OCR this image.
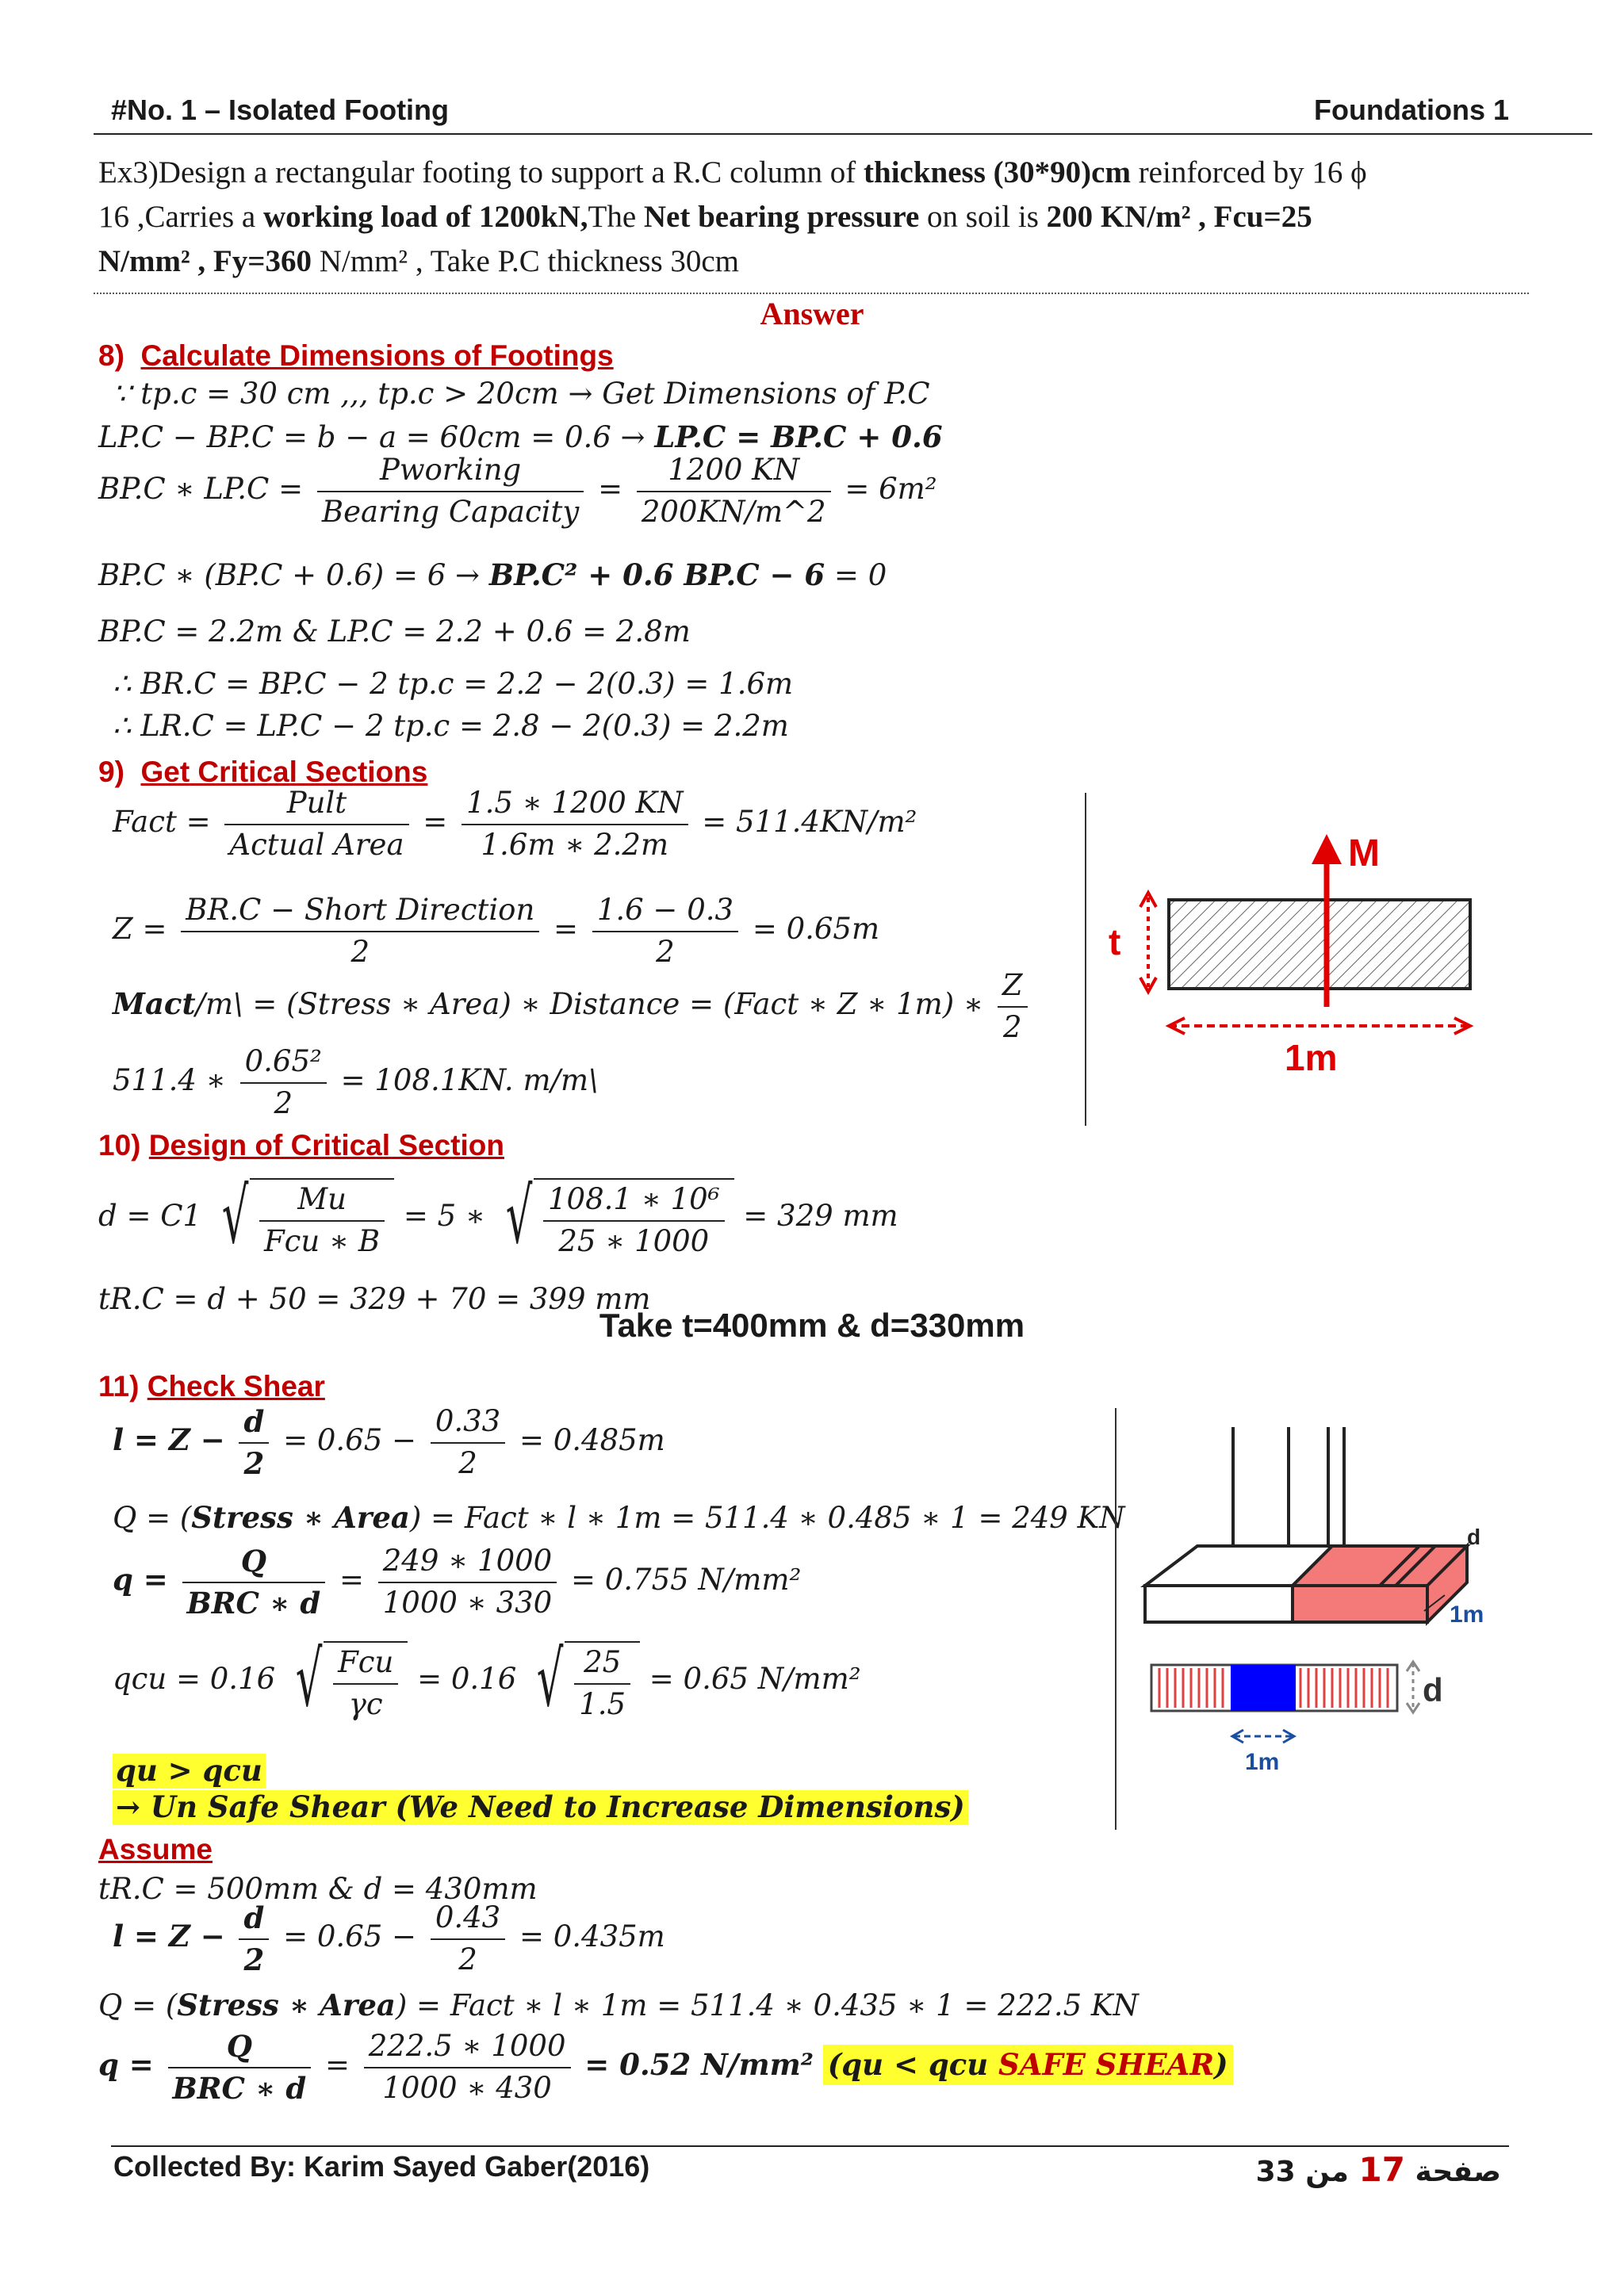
#No. 1 – Isolated Footing	Foundations 1
Ex3)Design a rectangular footing to support a R.C column of thickness (30*90)cm reinforced by 16 ϕ
16 ,Carries a working load of 1200kN,The Net bearing pressure on soil is 200 KN/m² , Fcu=25
N/mm² , Fy=360 N/mm² , Take P.C thickness 30cm
Answer
8) Calculate Dimensions of Footings
∵ tp.c = 30 cm ,,, tp.c > 20cm → Get Dimensions of P.C
LP.C − BP.C = b − a = 60cm = 0.6 → LP.C = BP.C + 0.6
BP.C ∗ $LP.C = \frac{\text{Pworking}}{\text{Bearing Capacity}} = \frac{1200 KN}{200KN/m\^{}2} = 6m^2$
BP.C ∗ (BP.C + 0.6) = 6 → BP.C² + 0.6 BP.C − 6 = 0
BP.C = 2.2m & LP.C = 2.2 + 0.6 = 2.8m
∴ BR.C = BP.C − 2 tp.c = 2.2 − 2(0.3) = 1.6m
∴ LR.C = LP.C − 2 tp.c = 2.8 − 2(0.3) = 2.2m
9) Get Critical Sections
Fact = $\frac{\text{Pult}}{\text{Actual Area}} = \frac{1.5 ∗ 1200 KN}{1.6m ∗ 2.2m} = 511.4KN/m^2$
$Z = \frac{\text{BR.C − Short Direction}}{2} = \frac{1.6 - 0.3}{2} = 0.65m$
Mact/m\ = (Stress ∗ Area) ∗ Distance = (Fact ∗ Z ∗ 1m) ∗ $\frac{Z}{2}$
511.4 ∗ $\frac{\text{0.65²}}{2} = 108.1KN$. m/m\
10) Design of Critical Section
d = C1 √ $\frac{Mu}{\text{Fcu ∗ B}} = 5$ ∗ √ $\frac{\text{108.1 ∗ 10⁶}}{25 ∗ 1000} = 329$ mm
tR.C = d + 50 = 329 + 70 = 399 mm
Take t=400mm & d=330mm
11) Check Shear
$l = Z - \frac{d}{2} = 0.65 - \frac{0.33}{2} = 0.485m$
Q = (Stress ∗ Area) = Fact ∗ l ∗ 1m = 511.4 ∗ 0.485 ∗ 1 = 249 KN
$q = \frac{Q}{\text{BRC ∗ d}} = \frac{249 ∗ 1000}{1000 ∗ 330} = 0.755$ N/mm²
qcu = 0.16 √ $\frac{\text{Fcu}}{\gamma c} = 0.16$ √ $\frac{25}{1.5} = 0.65$ N/mm²
qu > qcu
→ Un Safe Shear (We Need to Increase Dimensions)
Assume
tR.C = 500mm & d = 430mm
$l = Z - \frac{d}{2} = 0.65 - \frac{0.43}{2} = 0.435m$
Q = (Stress ∗ Area) = Fact ∗ l ∗ 1m = 511.4 ∗ 0.435 ∗ 1 = 222.5 KN
$q = \frac{Q}{\text{BRC ∗ d}} = \frac{222.5 ∗ 1000}{1000 ∗ 430} = 0.52$ N/mm² (qu < qcu SAFE SHEAR)
M
t
1m
d
1m
d
1m
Collected By: Karim Sayed Gaber(2016)	صفحة 17 من 33
